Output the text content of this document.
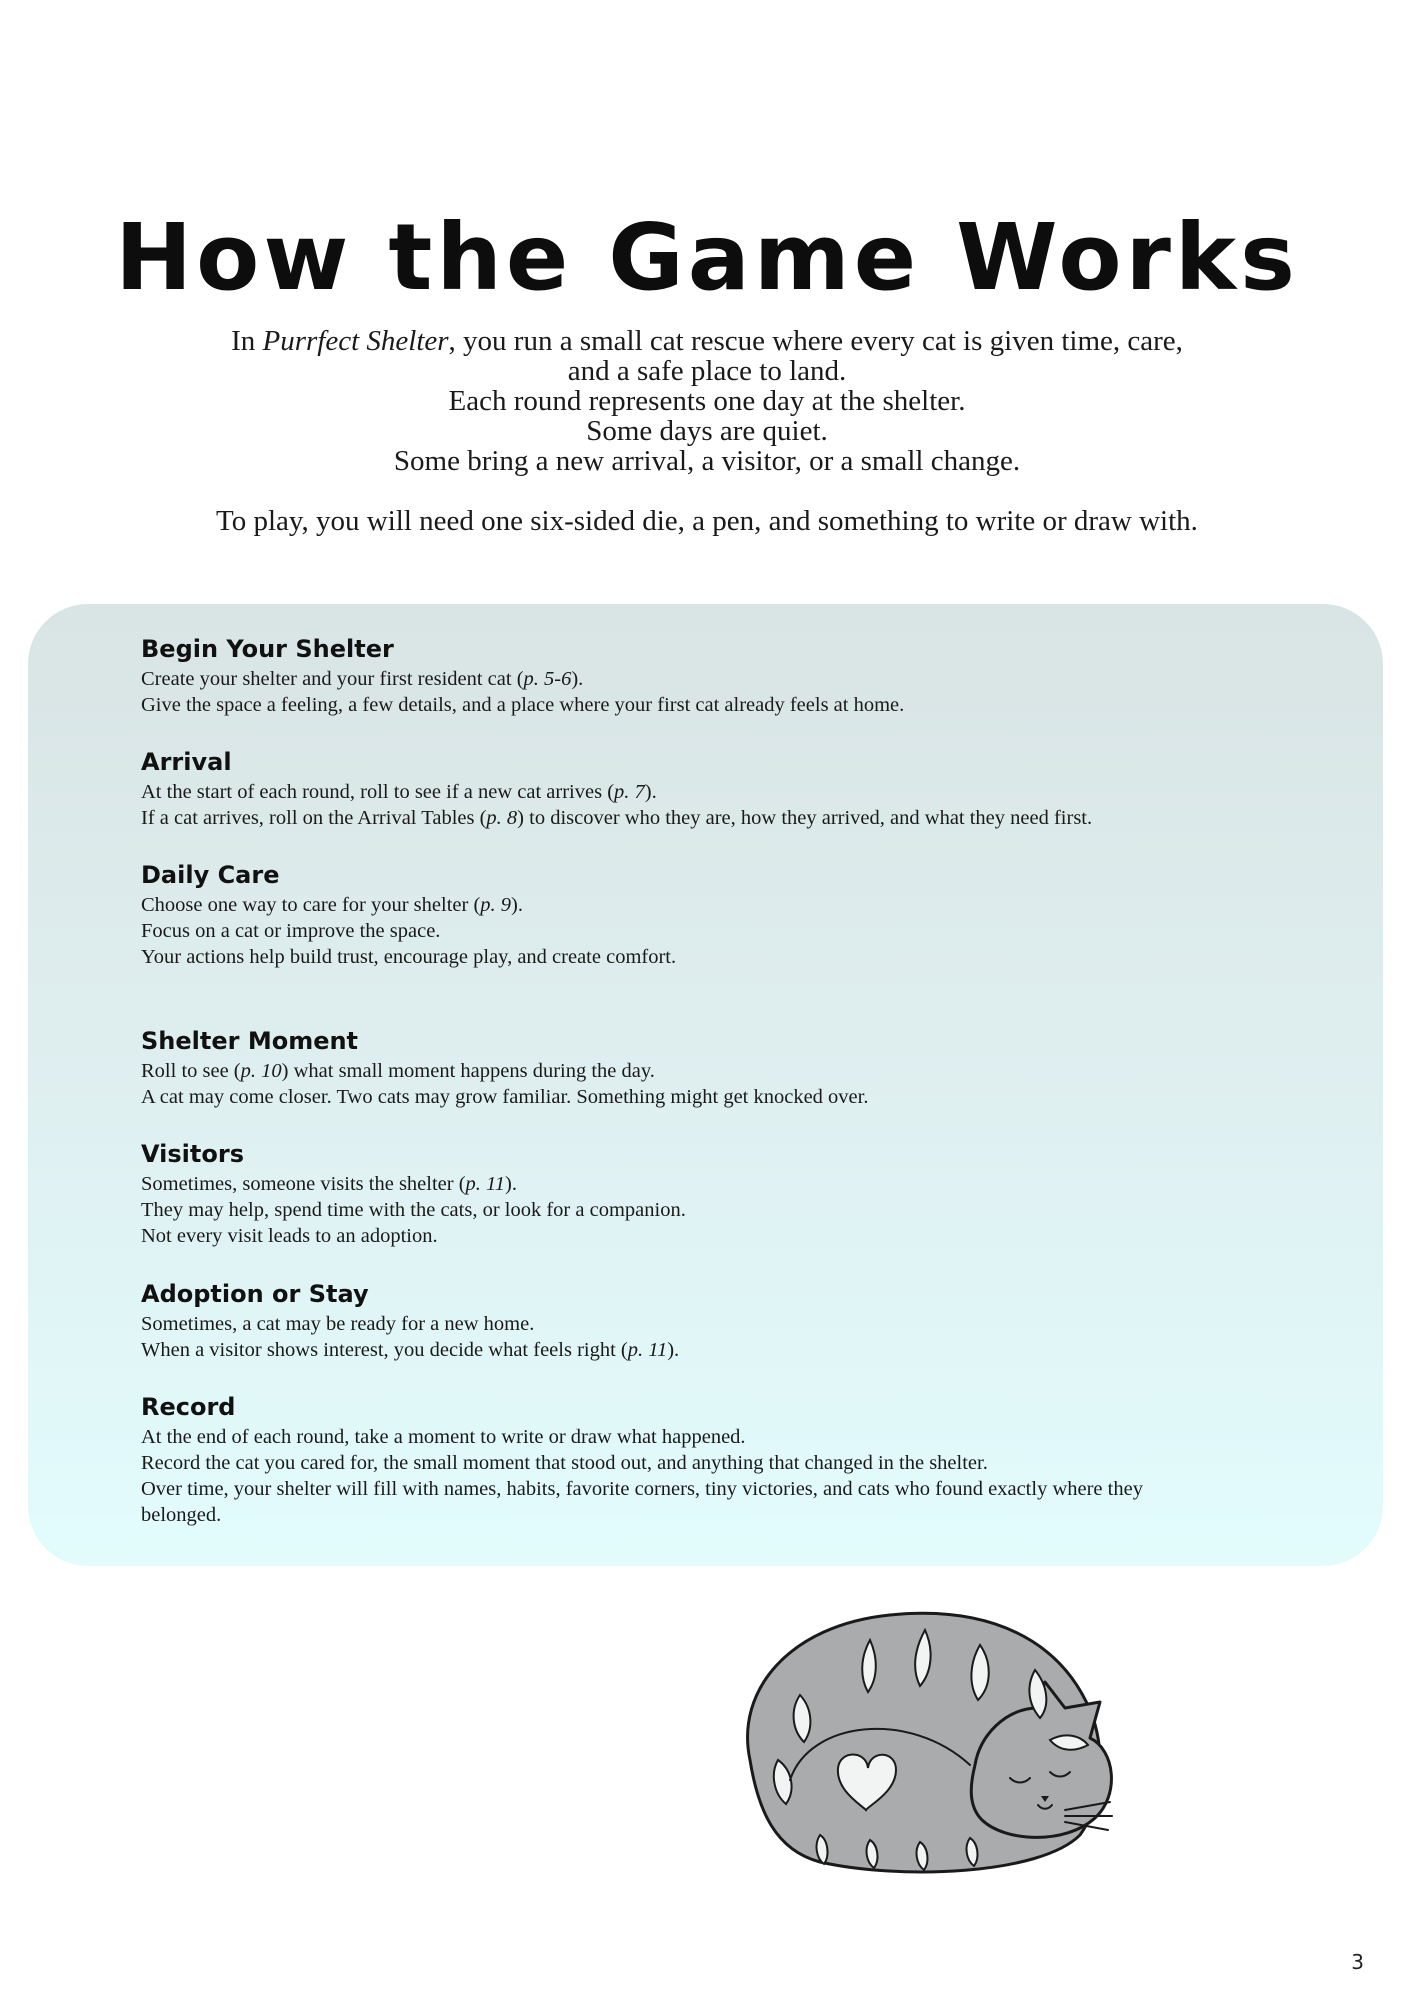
How the Game Works
In Purrfect Shelter, you run a small cat rescue where every cat is given time, care,
and a safe place to land.
Each round represents one day at the shelter.
Some days are quiet.
Some bring a new arrival, a visitor, or a small change.
To play, you will need one six-sided die, a pen, and something to write or draw with.
Begin Your Shelter
Create your shelter and your first resident cat (p. 5-6).
Give the space a feeling, a few details, and a place where your first cat already feels at home.
Arrival
At the start of each round, roll to see if a new cat arrives (p. 7).
If a cat arrives, roll on the Arrival Tables (p. 8) to discover who they are, how they arrived, and what they need first.
Daily Care
Choose one way to care for your shelter (p. 9).
Focus on a cat or improve the space.
Your actions help build trust, encourage play, and create comfort.
Shelter Moment
Roll to see (p. 10) what small moment happens during the day.
A cat may come closer. Two cats may grow familiar. Something might get knocked over.
Visitors
Sometimes, someone visits the shelter (p. 11).
They may help, spend time with the cats, or look for a companion.
Not every visit leads to an adoption.
Adoption or Stay
Sometimes, a cat may be ready for a new home.
When a visitor shows interest, you decide what feels right (p. 11).
Record
At the end of each round, take a moment to write or draw what happened.
Record the cat you cared for, the small moment that stood out, and anything that changed in the shelter.
Over time, your shelter will fill with names, habits, favorite corners, tiny victories, and cats who found exactly where they
belonged.
3
